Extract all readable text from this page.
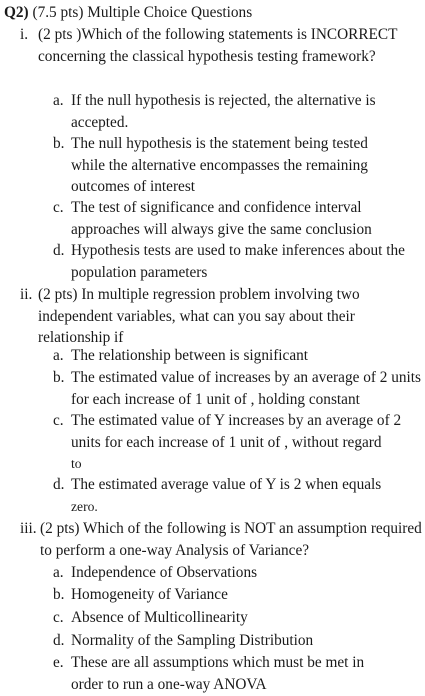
Q2) (7.5 pts) Multiple Choice Questions
i. (2 pts )Which of the following statements is INCORRECT concerning the classical hypothesis testing framework?
a. If the null hypothesis is rejected, the alternative is accepted.
b. The null hypothesis is the statement being tested while the alternative encompasses the remaining outcomes of interest
c. The test of significance and confidence interval approaches will always give the same conclusion
d. Hypothesis tests are used to make inferences about the population parameters
ii. (2 pts) In multiple regression problem involving two independent variables, what can you say about their relationship if
a. The relationship between is significant
b. The estimated value of increases by an average of 2 units for each increase of 1 unit of , holding constant
c. The estimated value of Y increases by an average of 2 units for each increase of 1 unit of , without regard
to
d. The estimated average value of Y is 2 when equals
zero.
iii. (2 pts) Which of the following is NOT an assumption required to perform a one-way Analysis of Variance?
a. Independence of Observations
b. Homogeneity of Variance
c. Absence of Multicollinearity
d. Normality of the Sampling Distribution
e. These are all assumptions which must be met in order to run a one-way ANOVA
